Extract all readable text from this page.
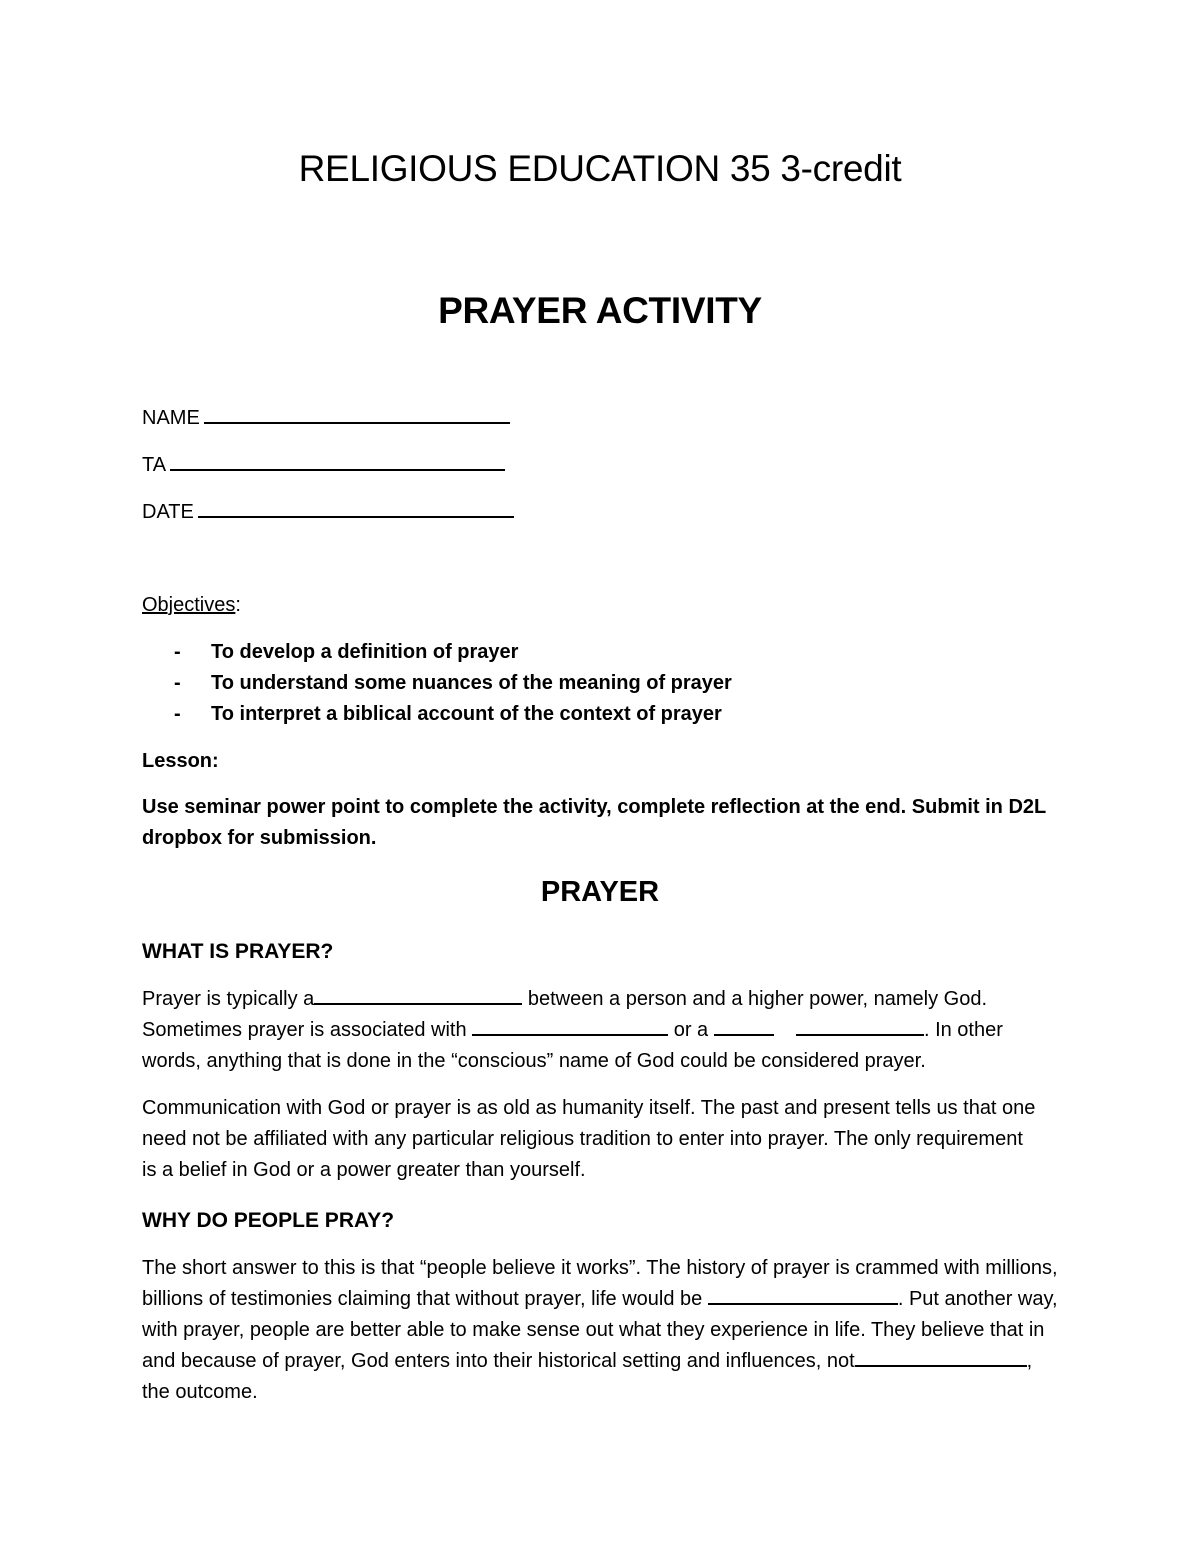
RELIGIOUS EDUCATION 35 3-credit
PRAYER ACTIVITY
NAME
TA
DATE
Objectives:
- To develop a definition of prayer
- To understand some nuances of the meaning of prayer
- To interpret a biblical account of the context of prayer
Lesson:
Use seminar power point to complete the activity, complete reflection at the end. Submit in D2L dropbox for submission.
PRAYER
WHAT IS PRAYER?
Prayer is typically a	between a person and a higher power, namely God. Sometimes prayer is associated with	or a	. In other words, anything that is done in the “conscious” name of God could be considered prayer.
Communication with God or prayer is as old as humanity itself. The past and present tells us that one need not be affiliated with any particular religious tradition to enter into prayer. The only requirement is a belief in God or a power greater than yourself.
WHY DO PEOPLE PRAY?
The short answer to this is that “people believe it works”. The history of prayer is crammed with millions, billions of testimonies claiming that without prayer, life would be	. Put another way, with prayer, people are better able to make sense out what they experience in life. They believe that in and because of prayer, God enters into their historical setting and influences, not	, the outcome.
